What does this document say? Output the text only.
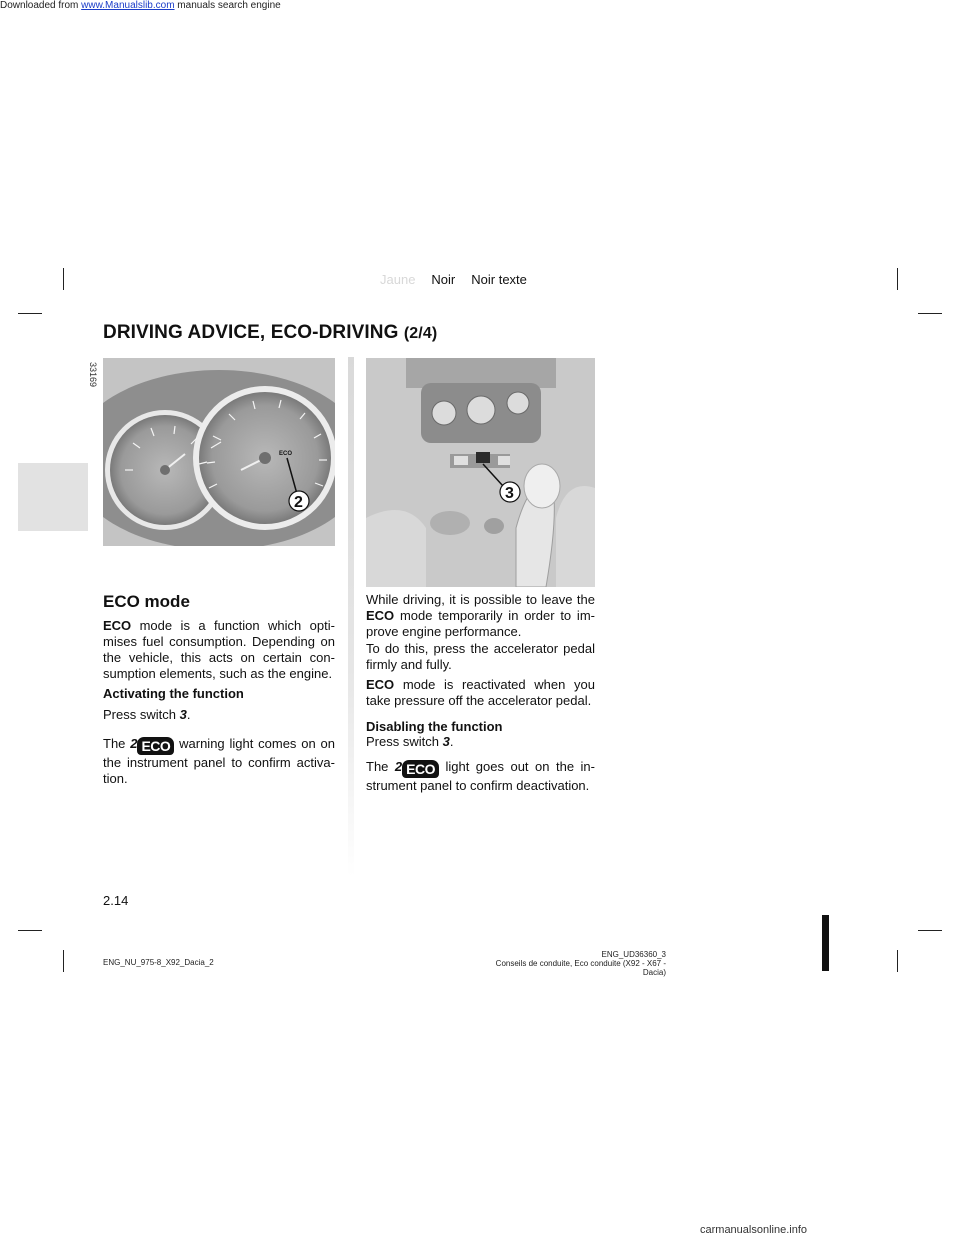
Downloaded from www.Manualslib.com manuals search engine
Jaune Noir Noir texte
DRIVING ADVICE, ECO-DRIVING (2/4)
33169
ECO
2
3
ECO mode
ECO mode is a function which optimises fuel consumption. Depending on the vehicle, this acts on certain consumption elements, such as the engine.
Activating the function
Press switch 3.
The 2 ECO warning light comes on on the instrument panel to confirm activation.
While driving, it is possible to leave the ECO mode temporarily in order to improve engine performance.
To do this, press the accelerator pedal firmly and fully.
ECO mode is reactivated when you take pressure off the accelerator pedal.
Disabling the function
Press switch 3.
The 2 ECO light goes out on the instrument panel to confirm deactivation.
2.14
ENG_NU_975-8_X92_Dacia_2
ENG_UD36360_3
Conseils de conduite, Eco conduite (X92 - X67 - Dacia)
carmanualsonline.info
